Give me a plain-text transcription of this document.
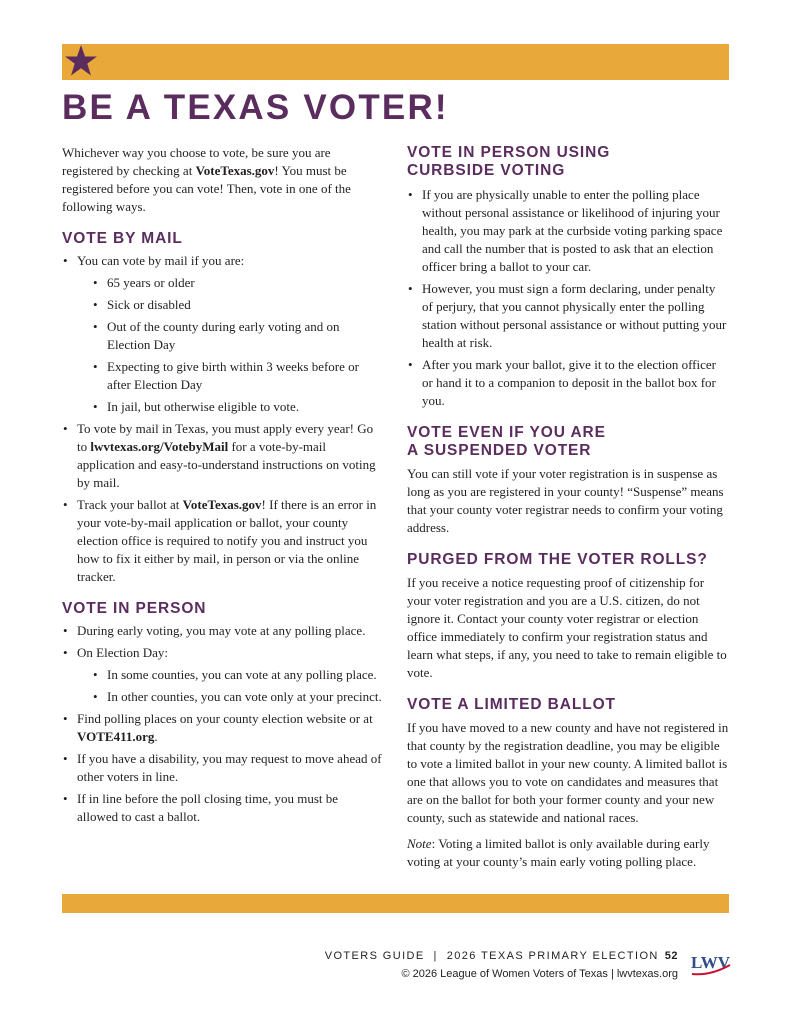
BE A TEXAS VOTER!

Whichever way you choose to vote, be sure you are registered by checking at VoteTexas.gov! You must be registered before you can vote! Then, vote in one of the following ways.

VOTE BY MAIL
• You can vote by mail if you are:
• 65 years or older
• Sick or disabled
• Out of the county during early voting and on Election Day
• Expecting to give birth within 3 weeks before or after Election Day
• In jail, but otherwise eligible to vote.
• To vote by mail in Texas, you must apply every year! Go to lwvtexas.org/VotebyMail for a vote-by-mail application and easy-to-understand instructions on voting by mail.
• Track your ballot at VoteTexas.gov! If there is an error in your vote-by-mail application or ballot, your county election office is required to notify you and instruct you how to fix it either by mail, in person or via the online tracker.
VOTE IN PERSON
• During early voting, you may vote at any polling place.
• On Election Day:
• In some counties, you can vote at any polling place.
• In other counties, you can vote only at your precinct.
• Find polling places on your county election website or at VOTE411.org.
• If you have a disability, you may request to move ahead of other voters in line.
• If in line before the poll closing time, you must be allowed to cast a ballot.
VOTE IN PERSON USING
CURBSIDE VOTING
• If you are physically unable to enter the polling place without personal assistance or likelihood of injuring your health, you may park at the curbside voting parking space and call the number that is posted to ask that an election officer bring a ballot to your car.
• However, you must sign a form declaring, under penalty of perjury, that you cannot physically enter the polling station without personal assistance or without putting your health at risk.
• After you mark your ballot, give it to the election officer or hand it to a companion to deposit in the ballot box for you.
VOTE EVEN IF YOU ARE
A SUSPENDED VOTER

You can still vote if your voter registration is in suspense as long as you are registered in your county! “Suspense” means that your county voter registrar needs to confirm your voting address.

PURGED FROM THE VOTER ROLLS?

If you receive a notice requesting proof of citizenship for your voter registration and you are a U.S. citizen, do not ignore it. Contact your county voter registrar or election office immediately to confirm your registration status and learn what steps, if any, you need to take to remain eligible to vote.

VOTE A LIMITED BALLOT

If you have moved to a new county and have not registered in that county by the registration deadline, you may be eligible to vote a limited ballot in your new county. A limited ballot is one that allows you to vote on candidates and measures that are on the ballot for both your former county and your new county, such as statewide and national races.

Note: Voting a limited ballot is only available during early voting at your county’s main early voting polling place.

VOTERS GUIDE  |  2026 TEXAS PRIMARY ELECTION 52
© 2026 League of Women Voters of Texas | lwvtexas.org
LWV
